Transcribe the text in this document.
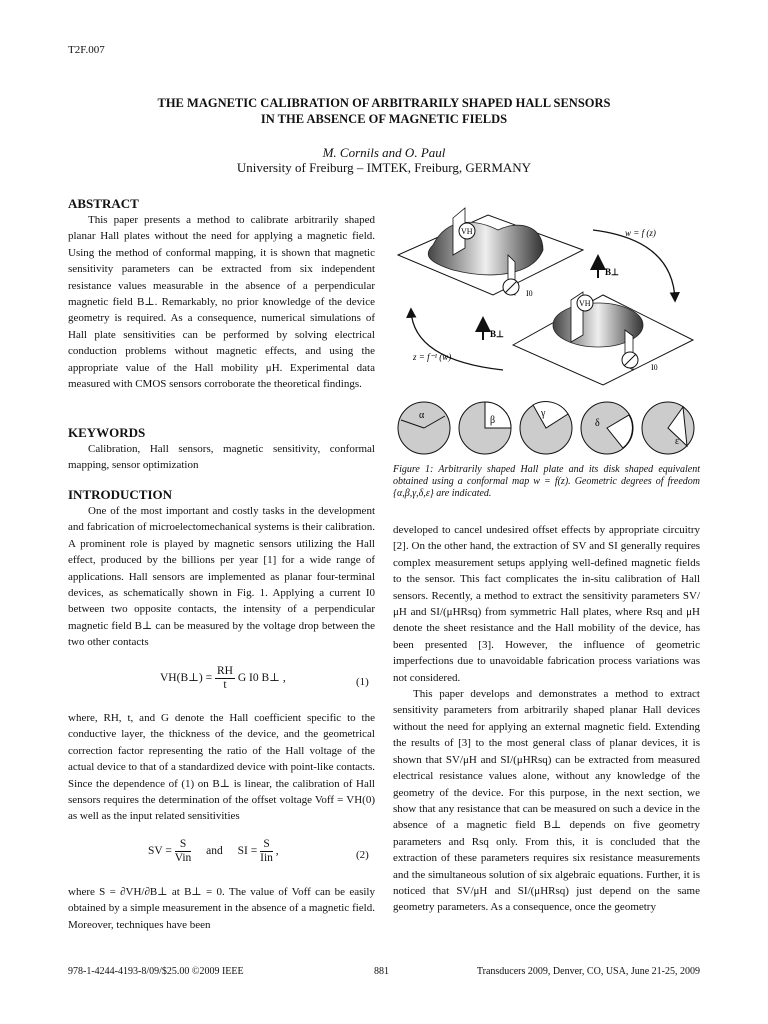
T2F.007
THE MAGNETIC CALIBRATION OF ARBITRARILY SHAPED HALL SENSORS
IN THE ABSENCE OF MAGNETIC FIELDS
M. Cornils and O. Paul
University of Freiburg – IMTEK, Freiburg, GERMANY
ABSTRACT

This paper presents a method to calibrate arbitrarily shaped planar Hall plates without the need for applying a magnetic field. Using the method of conformal mapping, it is shown that magnetic sensitivity parameters can be extracted from six independent resistance values measurable in the absence of a perpendicular magnetic field B⊥. Remarkably, no prior knowledge of the device geometry is required. As a consequence, numerical simulations of Hall plate sensitivities can be performed by solving electrical conduction problems without magnetic effects, and using the appropriate value of the Hall mobility μH. Experimental data measured with CMOS sensors corroborate the theoretical findings.

KEYWORDS

Calibration, Hall sensors, magnetic sensitivity, conformal mapping, sensor optimization

INTRODUCTION

One of the most important and costly tasks in the development and fabrication of microelectomechanical systems is their calibration. A prominent role is played by magnetic sensors utilizing the Hall effect, produced by the billions per year [1] for a wide range of applications. Hall sensors are implemented as planar four-terminal devices, as schematically shown in Fig. 1. Applying a current I0 between two opposite contacts, the intensity of a perpendicular magnetic field B⊥ can be measured by the voltage drop between the two other contacts

VH(B⊥) = $\frac{RH}{t}$ G I0 B⊥ ,	(1)

where, RH, t, and G denote the Hall coefficient specific to the conductive layer, the thickness of the device, and the geometrical correction factor representing the ratio of the Hall voltage of the actual device to that of a standardized device with point-like contacts. Since the dependence of (1) on B⊥ is linear, the calibration of Hall sensors requires the determination of the offset voltage Voff = VH(0) as well as the input related sensitivities

SV = $\frac{S}{\text{Vin}}$ and SI = $\frac{S}{\text{Iin}}$ ,	(2)

where S = ∂VH/∂B⊥ at B⊥ = 0. The value of Voff can be easily obtained by a simple measurement in the absence of a magnetic field. Moreover, techniques have been

VH
I0
B⊥
w = f (z)
VH
I0
B⊥
z = f⁻¹ (w)
α	β
γ
δ
ε
Figure 1: Arbitrarily shaped Hall plate and its disk shaped equivalent obtained using a conformal map w = f(z). Geometric degrees of freedom {α,β,γ,δ,ε} are indicated.

developed to cancel undesired offset effects by appropriate circuitry [2]. On the other hand, the extraction of SV and SI generally requires complex measurement setups applying well-defined magnetic fields to the sensor. This fact complicates the in-situ calibration of Hall sensors. Recently, a method to extract the sensitivity parameters SV/μH and SI/(μHRsq) from symmetric Hall plates, where Rsq and μH denote the sheet resistance and the Hall mobility of the device, has been presented [3]. However, the influence of geometric imperfections due to unavoidable fabrication process variations was not considered.

This paper develops and demonstrates a method to extract sensitivity parameters from arbitrarily shaped planar Hall devices without the need for applying an external magnetic field. Extending the results of [3] to the most general class of planar devices, it is shown that SV/μH and SI/(μHRsq) can be extracted from measured electrical resistance values alone, without any knowledge of the geometry of the device. For this purpose, in the next section, we show that any resistance that can be measured on such a device in the absence of a magnetic field B⊥ depends on five geometry parameters and Rsq only. From this, it is concluded that the extraction of these parameters requires six resistance measurements and the simultaneous solution of six algebraic equations. Further, it is noticed that SV/μH and SI/(μHRsq) just depend on the same geometry parameters. As a consequence, once the geometry

978-1-4244-4193-8/09/$25.00 ©2009 IEEE	881	Transducers 2009, Denver, CO, USA, June 21-25, 2009
